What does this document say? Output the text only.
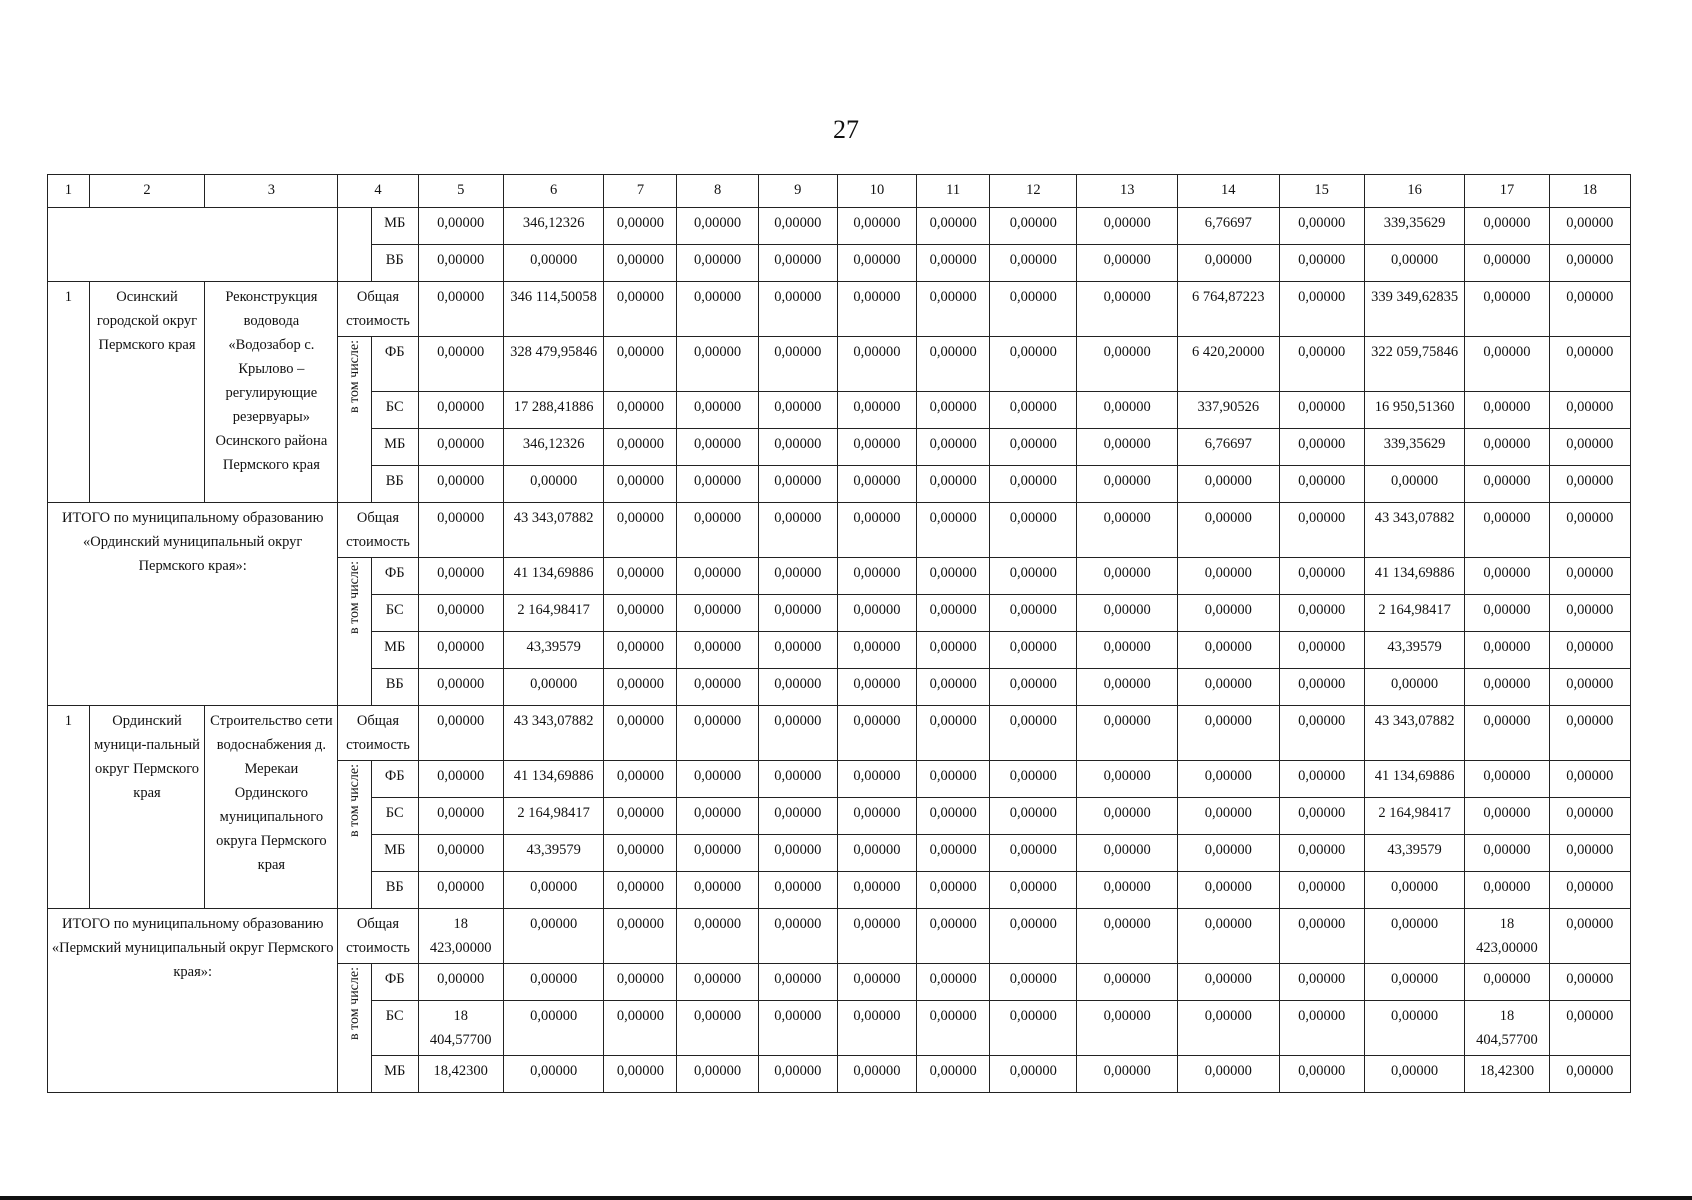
27
1	2	3	4		5	6	7	8	9	10	11	12	13	14	15	16	17	18
				МБ	0,00000	346,12326	0,00000	0,00000	0,00000	0,00000	0,00000	0,00000	0,00000	6,76697	0,00000	339,35629	0,00000	0,00000
				ВБ	0,00000	0,00000	0,00000	0,00000	0,00000	0,00000	0,00000	0,00000	0,00000	0,00000	0,00000	0,00000	0,00000	0,00000
1	Осинский городской округ Пермского края	Реконструкция водовода «Водозабор с. Крылово – регулирующие резервуары» Осинского района Пермского края	Общая стоимость		0,00000	346 114,50058	0,00000	0,00000	0,00000	0,00000	0,00000	0,00000	0,00000	6 764,87223	0,00000	339 349,62835	0,00000	0,00000
			в том числе:	ФБ	0,00000	328 479,95846	0,00000	0,00000	0,00000	0,00000	0,00000	0,00000	0,00000	6 420,20000	0,00000	322 059,75846	0,00000	0,00000
				БС	0,00000	17 288,41886	0,00000	0,00000	0,00000	0,00000	0,00000	0,00000	0,00000	337,90526	0,00000	16 950,51360	0,00000	0,00000
				МБ	0,00000	346,12326	0,00000	0,00000	0,00000	0,00000	0,00000	0,00000	0,00000	6,76697	0,00000	339,35629	0,00000	0,00000
				ВБ	0,00000	0,00000	0,00000	0,00000	0,00000	0,00000	0,00000	0,00000	0,00000	0,00000	0,00000	0,00000	0,00000	0,00000
ИТОГО по муниципальному образованию «Ординский муниципальный округ Пермского края»:			Общая стоимость		0,00000	43 343,07882	0,00000	0,00000	0,00000	0,00000	0,00000	0,00000	0,00000	0,00000	0,00000	43 343,07882	0,00000	0,00000
			в том числе:	ФБ	0,00000	41 134,69886	0,00000	0,00000	0,00000	0,00000	0,00000	0,00000	0,00000	0,00000	0,00000	41 134,69886	0,00000	0,00000
				БС	0,00000	2 164,98417	0,00000	0,00000	0,00000	0,00000	0,00000	0,00000	0,00000	0,00000	0,00000	2 164,98417	0,00000	0,00000
				МБ	0,00000	43,39579	0,00000	0,00000	0,00000	0,00000	0,00000	0,00000	0,00000	0,00000	0,00000	43,39579	0,00000	0,00000
				ВБ	0,00000	0,00000	0,00000	0,00000	0,00000	0,00000	0,00000	0,00000	0,00000	0,00000	0,00000	0,00000	0,00000	0,00000
1	Ординский муници-пальный округ Пермского края	Строительство сети водоснабжения д. Мерекаи Ординского муниципального округа Пермского края	Общая стоимость		0,00000	43 343,07882	0,00000	0,00000	0,00000	0,00000	0,00000	0,00000	0,00000	0,00000	0,00000	43 343,07882	0,00000	0,00000
			в том числе:	ФБ	0,00000	41 134,69886	0,00000	0,00000	0,00000	0,00000	0,00000	0,00000	0,00000	0,00000	0,00000	41 134,69886	0,00000	0,00000
				БС	0,00000	2 164,98417	0,00000	0,00000	0,00000	0,00000	0,00000	0,00000	0,00000	0,00000	0,00000	2 164,98417	0,00000	0,00000
				МБ	0,00000	43,39579	0,00000	0,00000	0,00000	0,00000	0,00000	0,00000	0,00000	0,00000	0,00000	43,39579	0,00000	0,00000
				ВБ	0,00000	0,00000	0,00000	0,00000	0,00000	0,00000	0,00000	0,00000	0,00000	0,00000	0,00000	0,00000	0,00000	0,00000
ИТОГО по муниципальному образованию «Пермский муниципальный округ Пермского края»:			Общая стоимость		18 423,00000	0,00000	0,00000	0,00000	0,00000	0,00000	0,00000	0,00000	0,00000	0,00000	0,00000	0,00000	18 423,00000	0,00000
			в том числе:	ФБ	0,00000	0,00000	0,00000	0,00000	0,00000	0,00000	0,00000	0,00000	0,00000	0,00000	0,00000	0,00000	0,00000	0,00000
				БС	18 404,57700	0,00000	0,00000	0,00000	0,00000	0,00000	0,00000	0,00000	0,00000	0,00000	0,00000	0,00000	18 404,57700	0,00000
				МБ	18,42300	0,00000	0,00000	0,00000	0,00000	0,00000	0,00000	0,00000	0,00000	0,00000	0,00000	0,00000	18,42300	0,00000
